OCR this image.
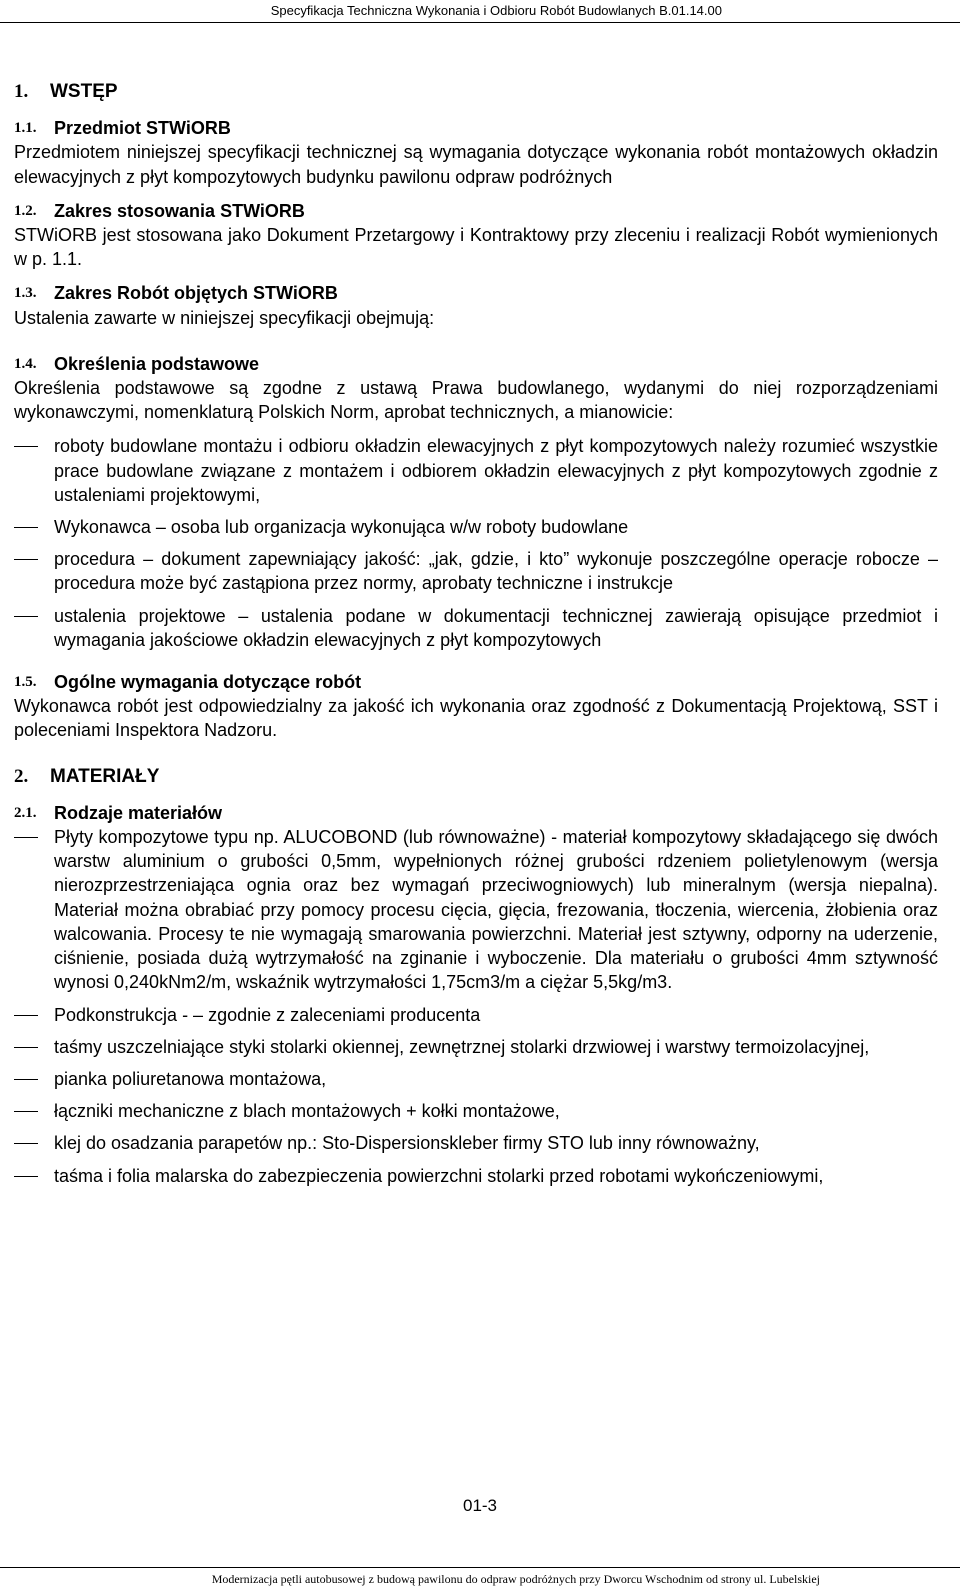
Specyfikacja Techniczna Wykonania i Odbioru Robót Budowlanych B.01.14.00
1.	WSTĘP
1.1. Przedmiot STWiORB

Przedmiotem niniejszej specyfikacji technicznej są wymagania dotyczące wykonania robót montażowych okładzin elewacyjnych z płyt kompozytowych budynku pawilonu odpraw podróżnych

1.2. Zakres stosowania STWiORB

STWiORB jest stosowana jako Dokument Przetargowy i Kontraktowy przy zleceniu i realizacji Robót wymienionych w p. 1.1.

1.3. Zakres Robót objętych STWiORB

Ustalenia zawarte w niniejszej specyfikacji obejmują:

1.4. Określenia podstawowe

Określenia podstawowe są zgodne z ustawą Prawa budowlanego, wydanymi do niej rozporządzeniami wykonawczymi, nomenklaturą Polskich Norm, aprobat technicznych, a mianowicie:

roboty budowlane montażu i odbioru okładzin elewacyjnych z płyt kompozytowych należy rozumieć wszystkie prace budowlane związane z montażem i odbiorem okładzin elewacyjnych z płyt kompozytowych zgodnie z ustaleniami projektowymi,
Wykonawca – osoba lub organizacja wykonująca w/w roboty budowlane
procedura – dokument zapewniający jakość: „jak, gdzie, i kto” wykonuje poszczególne operacje robocze – procedura może być zastąpiona przez normy, aprobaty techniczne i instrukcje
ustalenia projektowe – ustalenia podane w dokumentacji technicznej zawierają opisujące przedmiot i wymagania jakościowe okładzin elewacyjnych z płyt kompozytowych
1.5. Ogólne wymagania dotyczące robót

Wykonawca robót jest odpowiedzialny za jakość ich wykonania oraz zgodność z Dokumentacją Projektową, SST i poleceniami Inspektora Nadzoru.

2.	MATERIAŁY
2.1. Rodzaje materiałów
Płyty kompozytowe typu np. ALUCOBOND (lub równoważne) - materiał kompozytowy składającego się dwóch warstw aluminium o grubości 0,5mm, wypełnionych różnej grubości rdzeniem polietylenowym (wersja nierozprzestrzeniająca ognia oraz bez wymagań przeciwogniowych) lub mineralnym (wersja niepalna). Materiał można obrabiać przy pomocy procesu cięcia, gięcia, frezowania, tłoczenia, wiercenia, żłobienia oraz walcowania. Procesy te nie wymagają smarowania powierzchni. Materiał jest sztywny, odporny na uderzenie, ciśnienie, posiada dużą wytrzymałość na zginanie i wyboczenie. Dla materiału o grubości 4mm sztywność wynosi 0,240kNm2/m, wskaźnik wytrzymałości 1,75cm3/m a ciężar 5,5kg/m3.
Podkonstrukcja - – zgodnie z zaleceniami producenta
taśmy uszczelniające styki stolarki okiennej, zewnętrznej stolarki drzwiowej i warstwy termoizolacyjnej,
pianka poliuretanowa montażowa,
łączniki mechaniczne z blach montażowych + kołki montażowe,
klej do osadzania parapetów np.: Sto-Dispersionskleber firmy STO lub inny równoważny,
taśma i folia malarska do zabezpieczenia powierzchni stolarki przed robotami wykończeniowymi,
01-3
Modernizacja pętli autobusowej z budową pawilonu do odpraw podróżnych przy Dworcu Wschodnim od strony ul. Lubelskiej
